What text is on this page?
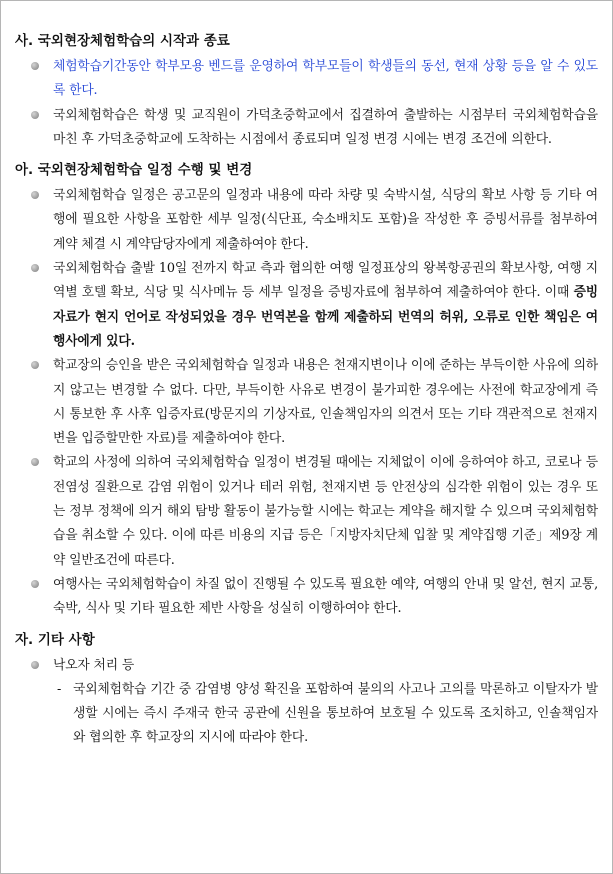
사. 국외현장체험학습의 시작과 종료

체험학습기간동안 학부모용 벤드를 운영하여 학부모들이 학생들의 동선, 현재 상황 등을 알 수 있도록 한다.

국외체험학습은 학생 및 교직원이 가덕초중학교에서 집결하여 출발하는 시점부터 국외체험학습을 마친 후 가덕초중학교에 도착하는 시점에서 종료되며 일정 변경 시에는 변경 조건에 의한다.

아. 국외현장체험학습 일정 수행 및 변경

국외체험학습 일정은 공고문의 일정과 내용에 따라 차량 및 숙박시설, 식당의 확보 사항 등 기타 여행에 필요한 사항을 포함한 세부 일정(식단표, 숙소배치도 포함)을 작성한 후 증빙서류를 첨부하여 계약 체결 시 계약담당자에게 제출하여야 한다.

국외체험학습 출발 10일 전까지 학교 측과 협의한 여행 일정표상의 왕복항공권의 확보사항, 여행 지역별 호텔 확보, 식당 및 식사메뉴 등 세부 일정을 증빙자료에 첨부하여 제출하여야 한다. 이때 증빙자료가 현지 언어로 작성되었을 경우 번역본을 함께 제출하되 번역의 허위, 오류로 인한 책임은 여행사에게 있다.

학교장의 승인을 받은 국외체험학습 일정과 내용은 천재지변이나 이에 준하는 부득이한 사유에 의하지 않고는 변경할 수 없다. 다만, 부득이한 사유로 변경이 불가피한 경우에는 사전에 학교장에게 즉시 통보한 후 사후 입증자료(방문지의 기상자료, 인솔책임자의 의견서 또는 기타 객관적으로 천재지변을 입증할만한 자료)를 제출하여야 한다.

학교의 사정에 의하여 국외체험학습 일정이 변경될 때에는 지체없이 이에 응하여야 하고, 코로나 등 전염성 질환으로 감염 위험이 있거나 테러 위험, 천재지변 등 안전상의 심각한 위험이 있는 경우 또는 정부 정책에 의거 해외 탐방 활동이 불가능할 시에는 학교는 계약을 해지할 수 있으며 국외체험학습을 취소할 수 있다. 이에 따른 비용의 지급 등은「지방자치단체 입찰 및 계약집행 기준」제9장 계약 일반조건에 따른다.

여행사는 국외체험학습이 차질 없이 진행될 수 있도록 필요한 예약, 여행의 안내 및 알선, 현지 교통, 숙박, 식사 및 기타 필요한 제반 사항을 성실히 이행하여야 한다.

자. 기타 사항

낙오자 처리 등

- 국외체험학습 기간 중 감염병 양성 확진을 포함하여 불의의 사고나 고의를 막론하고 이탈자가 발생할 시에는 즉시 주재국 한국 공관에 신원을 통보하여 보호될 수 있도록 조치하고, 인솔책임자와 협의한 후 학교장의 지시에 따라야 한다.
